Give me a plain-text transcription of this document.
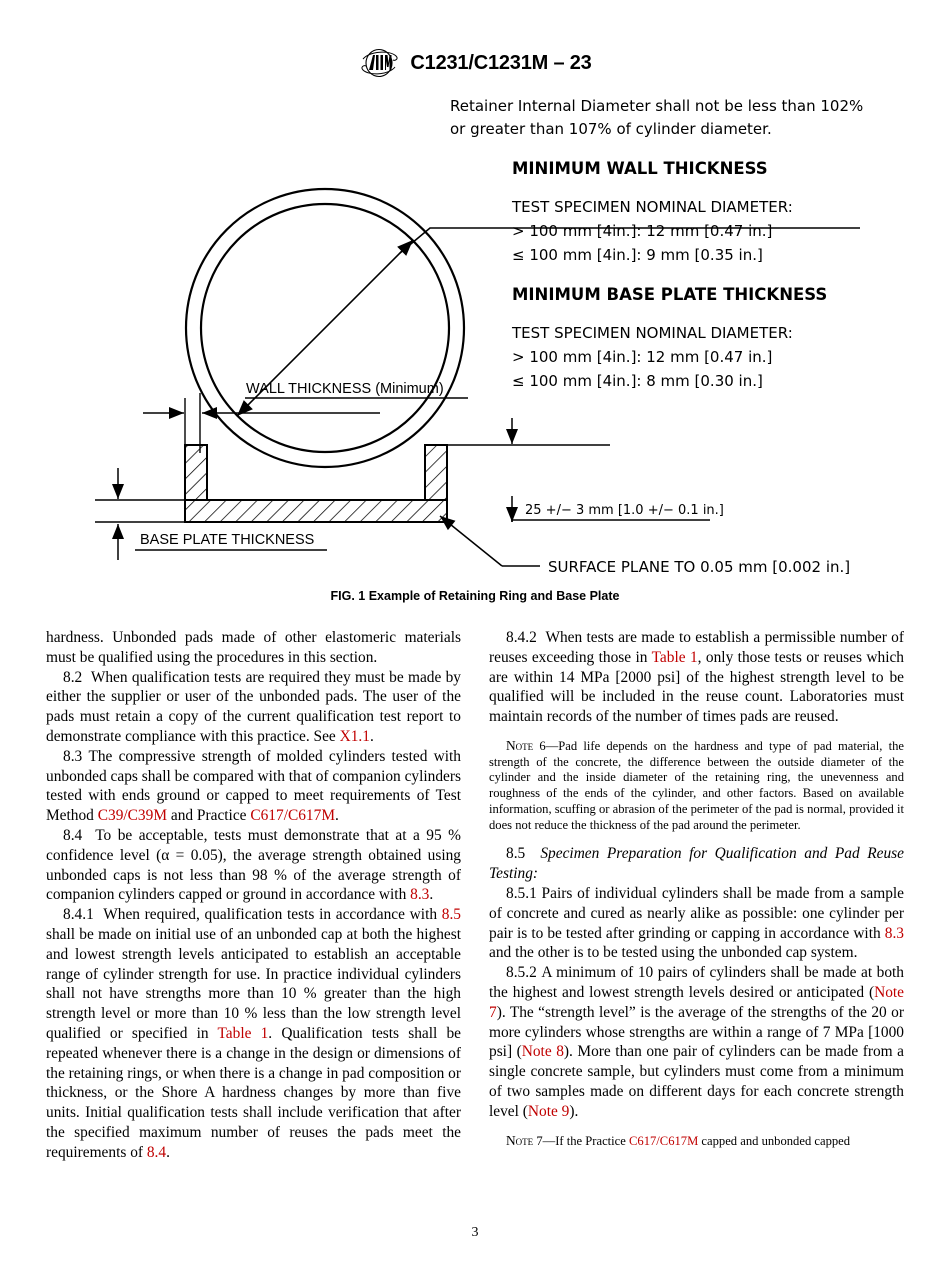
C1231/C1231M – 23
Retainer Internal Diameter shall not be less than 102%
or greater than 107% of cylinder diameter.
MINIMUM WALL THICKNESS
TEST SPECIMEN NOMINAL DIAMETER:
> 100 mm [4in.]: 12 mm [0.47 in.]
≤ 100 mm [4in.]: 9 mm [0.35 in.]
MINIMUM BASE PLATE THICKNESS
TEST SPECIMEN NOMINAL DIAMETER:
> 100 mm [4in.]: 12 mm [0.47 in.]
≤ 100 mm [4in.]: 8 mm [0.30 in.]
WALL THICKNESS (Minimum)
BASE PLATE THICKNESS
25 +/− 3 mm [1.0 +/− 0.1 in.]
SURFACE PLANE TO 0.05 mm [0.002 in.]
FIG. 1 Example of Retaining Ring and Base Plate

hardness. Unbonded pads made of other elastomeric materials must be qualified using the procedures in this section.

8.2 When qualification tests are required they must be made by either the supplier or user of the unbonded pads. The user of the pads must retain a copy of the current qualification test report to demonstrate compliance with this practice. See X1.1.

8.3 The compressive strength of molded cylinders tested with unbonded caps shall be compared with that of companion cylinders tested with ends ground or capped to meet requirements of Test Method C39/C39M and Practice C617/C617M.

8.4 To be acceptable, tests must demonstrate that at a 95 % confidence level (α = 0.05), the average strength obtained using unbonded caps is not less than 98 % of the average strength of companion cylinders capped or ground in accordance with 8.3.

8.4.1 When required, qualification tests in accordance with 8.5 shall be made on initial use of an unbonded cap at both the highest and lowest strength levels anticipated to establish an acceptable range of cylinder strength for use. In practice individual cylinders shall not have strengths more than 10 % greater than the high strength level or more than 10 % less than the low strength level qualified or specified in Table 1. Qualification tests shall be repeated whenever there is a change in the design or dimensions of the retaining rings, or when there is a change in pad composition or thickness, or the Shore A hardness changes by more than five units. Initial qualification tests shall include verification that after the specified maximum number of reuses the pads meet the requirements of 8.4.

8.4.2 When tests are made to establish a permissible number of reuses exceeding those in Table 1, only those tests or reuses which are within 14 MPa [2000 psi] of the highest strength level to be qualified will be included in the reuse count. Laboratories must maintain records of the number of times pads are reused.

Note 6—Pad life depends on the hardness and type of pad material, the strength of the concrete, the difference between the outside diameter of the cylinder and the inside diameter of the retaining ring, the unevenness and roughness of the ends of the cylinder, and other factors. Based on available information, scuffing or abrasion of the perimeter of the pad is normal, provided it does not reduce the thickness of the pad around the perimeter.

8.5 Specimen Preparation for Qualification and Pad Reuse Testing:

8.5.1 Pairs of individual cylinders shall be made from a sample of concrete and cured as nearly alike as possible: one cylinder per pair is to be tested after grinding or capping in accordance with 8.3 and the other is to be tested using the unbonded cap system.

8.5.2 A minimum of 10 pairs of cylinders shall be made at both the highest and lowest strength levels desired or anticipated (Note 7). The “strength level” is the average of the strengths of the 20 or more cylinders whose strengths are within a range of 7 MPa [1000 psi] (Note 8). More than one pair of cylinders can be made from a single concrete sample, but cylinders must come from a minimum of two samples made on different days for each concrete strength level (Note 9).

Note 7—If the Practice C617/C617M capped and unbonded capped

3
